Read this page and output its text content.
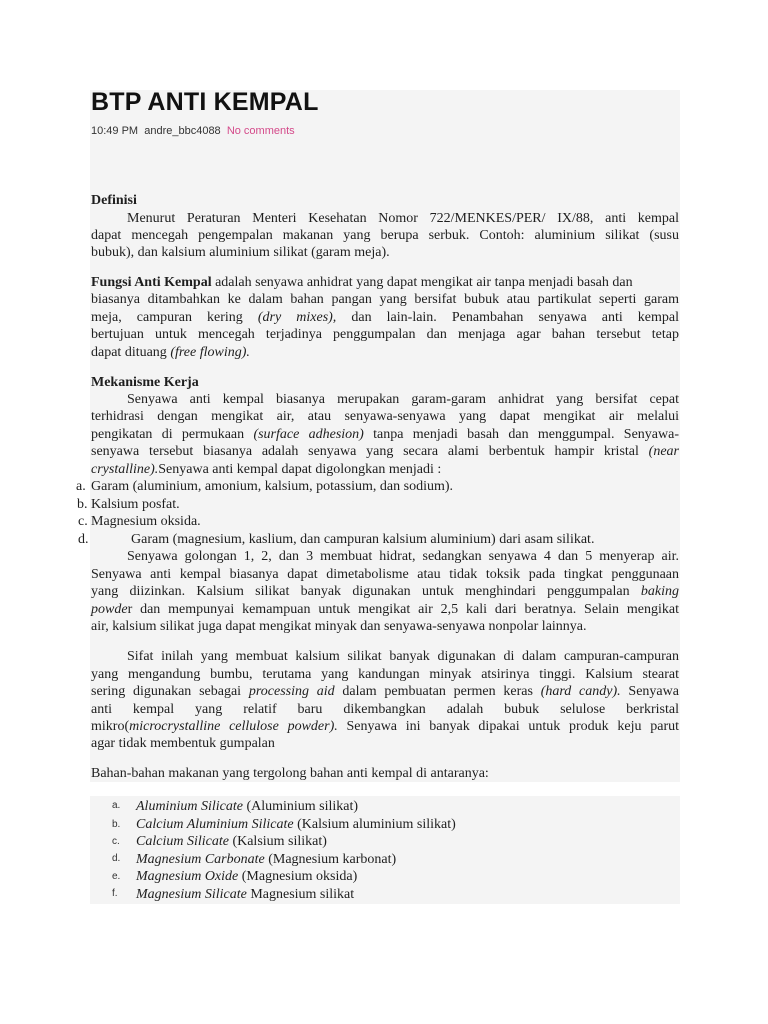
BTP ANTI KEMPAL
10:49 PM andre_bbc4088 No comments
Definisi
Menurut Peraturan Menteri Kesehatan Nomor 722/MENKES/PER/ IX/88, anti kempal
dapat mencegah pengempalan makanan yang berupa serbuk. Contoh: aluminium silikat (susu
bubuk), dan kalsium aluminium silikat (garam meja).
Fungsi Anti Kempal adalah senyawa anhidrat yang dapat mengikat air tanpa menjadi basah dan
biasanya ditambahkan ke dalam bahan pangan yang bersifat bubuk atau partikulat seperti garam
meja, campuran kering (dry mixes), dan lain-lain. Penambahan senyawa anti kempal
bertujuan untuk mencegah terjadinya penggumpalan dan menjaga agar bahan tersebut tetap
dapat dituang (free flowing).
Mekanisme Kerja
Senyawa anti kempal biasanya merupakan garam-garam anhidrat yang bersifat cepat
terhidrasi dengan mengikat air, atau senyawa-senyawa yang dapat mengikat air melalui
pengikatan di permukaan (surface adhesion) tanpa menjadi basah dan menggumpal. Senyawa-
senyawa tersebut biasanya adalah senyawa yang secara alami berbentuk hampir kristal (near
crystalline).Senyawa anti kempal dapat digolongkan menjadi :
a. Garam (aluminium, amonium, kalsium, potassium, dan sodium).
b. Kalsium posfat.
c. Magnesium oksida.
d.	Garam (magnesium, kaslium, dan campuran kalsium aluminium) dari asam silikat.
Senyawa golongan 1, 2, dan 3 membuat hidrat, sedangkan senyawa 4 dan 5 menyerap air.
Senyawa anti kempal biasanya dapat dimetabolisme atau tidak toksik pada tingkat penggunaan
yang diizinkan. Kalsium silikat banyak digunakan untuk menghindari penggumpalan baking
powder dan mempunyai kemampuan untuk mengikat air 2,5 kali dari beratnya. Selain mengikat
air, kalsium silikat juga dapat mengikat minyak dan senyawa-senyawa nonpolar lainnya.
Sifat inilah yang membuat kalsium silikat banyak digunakan di dalam campuran-campuran
yang mengandung bumbu, terutama yang kandungan minyak atsirinya tinggi. Kalsium stearat
sering digunakan sebagai processing aid dalam pembuatan permen keras (hard candy). Senyawa
anti kempal yang relatif baru dikembangkan adalah bubuk selulose berkristal
mikro(microcrystalline cellulose powder). Senyawa ini banyak dipakai untuk produk keju parut
agar tidak membentuk gumpalan
Bahan-bahan makanan yang tergolong bahan anti kempal di antaranya:
a. Aluminium Silicate (Aluminium silikat)
b. Calcium Aluminium Silicate (Kalsium aluminium silikat)
c. Calcium Silicate (Kalsium silikat)
d. Magnesium Carbonate (Magnesium karbonat)
e. Magnesium Oxide (Magnesium oksida)
f. Magnesium Silicate Magnesium silikat
